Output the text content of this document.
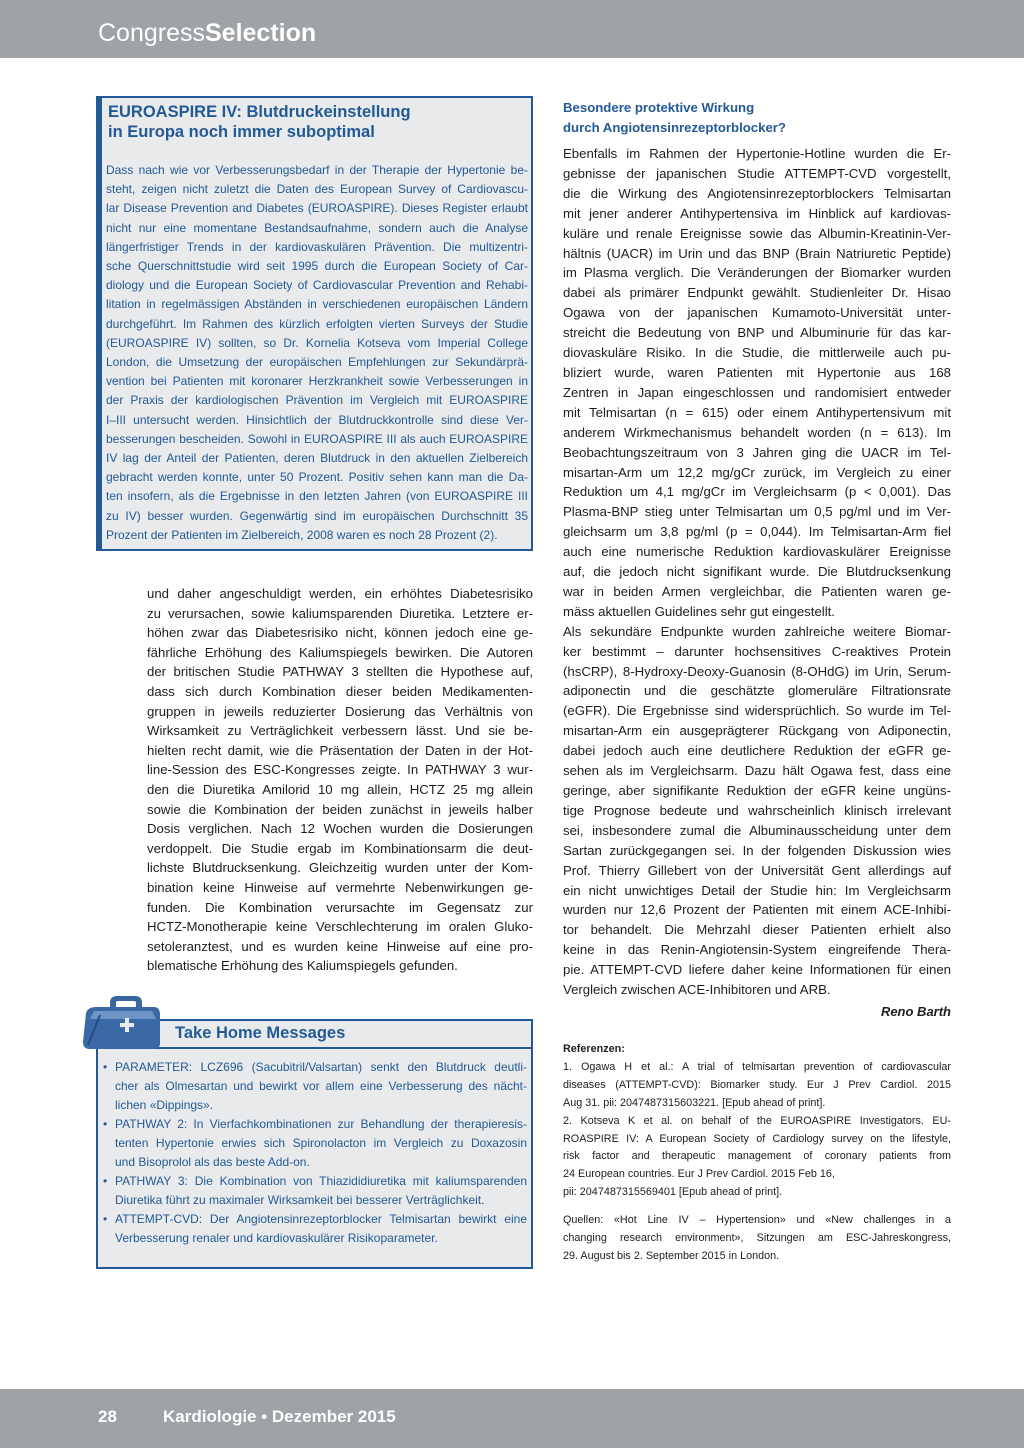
CongressSelection
EUROASPIRE IV: Blutdruckeinstellung
in Europa noch immer suboptimal
Dass nach wie vor Verbesserungsbedarf in der Therapie der Hypertonie be-
steht, zeigen nicht zuletzt die Daten des European Survey of Cardiovascu-
lar Disease Prevention and Diabetes (EUROASPIRE). Dieses Register erlaubt
nicht nur eine momentane Bestandsaufnahme, sondern auch die Analyse
längerfristiger Trends in der kardiovaskulären Prävention. Die multizentri-
sche Querschnittstudie wird seit 1995 durch die European Society of Car-
diology und die European Society of Cardiovascular Prevention and Rehabi-
litation in regelmässigen Abständen in verschiedenen europäischen Ländern
durchgeführt. Im Rahmen des kürzlich erfolgten vierten Surveys der Studie
(EUROASPIRE IV) sollten, so Dr. Kornelia Kotseva vom Imperial College
London, die Umsetzung der europäischen Empfehlungen zur Sekundärprä-
vention bei Patienten mit koronarer Herzkrankheit sowie Verbesserungen in
der Praxis der kardiologischen Prävention im Vergleich mit EUROASPIRE
I–III untersucht werden. Hinsichtlich der Blutdruckkontrolle sind diese Ver-
besserungen bescheiden. Sowohl in EUROASPIRE III als auch EUROASPIRE
IV lag der Anteil der Patienten, deren Blutdruck in den aktuellen Zielbereich
gebracht werden konnte, unter 50 Prozent. Positiv sehen kann man die Da-
ten insofern, als die Ergebnisse in den letzten Jahren (von EUROASPIRE III
zu IV) besser wurden. Gegenwärtig sind im europäischen Durchschnitt 35
Prozent der Patienten im Zielbereich, 2008 waren es noch 28 Prozent (2).
und daher angeschuldigt werden, ein erhöhtes Diabetesrisiko
zu verursachen, sowie kaliumsparenden Diuretika. Letztere er-
höhen zwar das Diabetesrisiko nicht, können jedoch eine ge-
fährliche Erhöhung des Kaliumspiegels bewirken. Die Autoren
der britischen Studie PATHWAY 3 stellten die Hypothese auf,
dass sich durch Kombination dieser beiden Medikamenten-
gruppen in jeweils reduzierter Dosierung das Verhältnis von
Wirksamkeit zu Verträglichkeit verbessern lässt. Und sie be-
hielten recht damit, wie die Präsentation der Daten in der Hot-
line-Session des ESC-Kongresses zeigte. In PATHWAY 3 wur-
den die Diuretika Amilorid 10 mg allein, HCTZ 25 mg allein
sowie die Kombination der beiden zunächst in jeweils halber
Dosis verglichen. Nach 12 Wochen wurden die Dosierungen
verdoppelt. Die Studie ergab im Kombinationsarm die deut-
lichste Blutdrucksenkung. Gleichzeitig wurden unter der Kom-
bination keine Hinweise auf vermehrte Nebenwirkungen ge-
funden. Die Kombination verursachte im Gegensatz zur
HCTZ-Monotherapie keine Verschlechterung im oralen Gluko-
setoleranztest, und es wurden keine Hinweise auf eine pro-
blematische Erhöhung des Kaliumspiegels gefunden.
Take Home Messages
• PARAMETER: LCZ696 (Sacubitril/Valsartan) senkt den Blutdruck deutli-
cher als Olmesartan und bewirkt vor allem eine Verbesserung des nächt-
lichen «Dippings».
• PATHWAY 2: In Vierfachkombinationen zur Behandlung der therapieresis-
tenten Hypertonie erwies sich Spironolacton im Vergleich zu Doxazosin
und Bisoprolol als das beste Add-on.
• PATHWAY 3: Die Kombination von Thiazididiuretika mit kaliumsparenden
Diuretika führt zu maximaler Wirksamkeit bei besserer Verträglichkeit.
• ATTEMPT-CVD: Der Angiotensinrezeptorblocker Telmisartan bewirkt eine
Verbesserung renaler und kardiovaskulärer Risikoparameter.
Besondere protektive Wirkung
durch Angiotensinrezeptorblocker?
Ebenfalls im Rahmen der Hypertonie-Hotline wurden die Er-
gebnisse der japanischen Studie ATTEMPT-CVD vorgestellt,
die die Wirkung des Angiotensinrezeptorblockers Telmisartan
mit jener anderer Antihypertensiva im Hinblick auf kardiovas-
kuläre und renale Ereignisse sowie das Albumin-Kreatinin-Ver-
hältnis (UACR) im Urin und das BNP (Brain Natriuretic Peptide)
im Plasma verglich. Die Veränderungen der Biomarker wurden
dabei als primärer Endpunkt gewählt. Studienleiter Dr. Hisao
Ogawa von der japanischen Kumamoto-Universität unter-
streicht die Bedeutung von BNP und Albuminurie für das kar-
diovaskuläre Risiko. In die Studie, die mittlerweile auch pu-
bliziert wurde, waren Patienten mit Hypertonie aus 168
Zentren in Japan eingeschlossen und randomisiert entweder
mit Telmisartan (n = 615) oder einem Antihypertensivum mit
anderem Wirkmechanismus behandelt worden (n = 613). Im
Beobachtungszeitraum von 3 Jahren ging die UACR im Tel-
misartan-Arm um 12,2 mg/gCr zurück, im Vergleich zu einer
Reduktion um 4,1 mg/gCr im Vergleichsarm (p < 0,001). Das
Plasma-BNP stieg unter Telmisartan um 0,5 pg/ml und im Ver-
gleichsarm um 3,8 pg/ml (p = 0,044). Im Telmisartan-Arm fiel
auch eine numerische Reduktion kardiovaskulärer Ereignisse
auf, die jedoch nicht signifikant wurde. Die Blutdrucksenkung
war in beiden Armen vergleichbar, die Patienten waren ge-
mäss aktuellen Guidelines sehr gut eingestellt.
Als sekundäre Endpunkte wurden zahlreiche weitere Biomar-
ker bestimmt – darunter hochsensitives C-reaktives Protein
(hsCRP), 8-Hydroxy-Deoxy-Guanosin (8-OHdG) im Urin, Serum-
adiponectin und die geschätzte glomeruläre Filtrationsrate
(eGFR). Die Ergebnisse sind widersprüchlich. So wurde im Tel-
misartan-Arm ein ausgeprägterer Rückgang von Adiponectin,
dabei jedoch auch eine deutlichere Reduktion der eGFR ge-
sehen als im Vergleichsarm. Dazu hält Ogawa fest, dass eine
geringe, aber signifikante Reduktion der eGFR keine ungüns-
tige Prognose bedeute und wahrscheinlich klinisch irrelevant
sei, insbesondere zumal die Albuminausscheidung unter dem
Sartan zurückgegangen sei. In der folgenden Diskussion wies
Prof. Thierry Gillebert von der Universität Gent allerdings auf
ein nicht unwichtiges Detail der Studie hin: Im Vergleichsarm
wurden nur 12,6 Prozent der Patienten mit einem ACE-Inhibi-
tor behandelt. Die Mehrzahl dieser Patienten erhielt also
keine in das Renin-Angiotensin-System eingreifende Thera-
pie. ATTEMPT-CVD liefere daher keine Informationen für einen
Vergleich zwischen ACE-Inhibitoren und ARB.
Reno Barth
Referenzen:
1. Ogawa H et al.: A trial of telmisartan prevention of cardiovascular
diseases (ATTEMPT-CVD): Biomarker study. Eur J Prev Cardiol. 2015
Aug 31. pii: 2047487315603221. [Epub ahead of print].
2. Kotseva K et al. on behalf of the EUROASPIRE Investigators. EU-
ROASPIRE IV: A European Society of Cardiology survey on the lifestyle,
risk factor and therapeutic management of coronary patients from
24 European countries. Eur J Prev Cardiol. 2015 Feb 16,
pii: 2047487315569401 [Epub ahead of print].
Quellen: «Hot Line IV – Hypertension» und «New challenges in a
changing research environment», Sitzungen am ESC-Jahreskongress,
29. August bis 2. September 2015 in London.
28	Kardiologie • Dezember 2015
